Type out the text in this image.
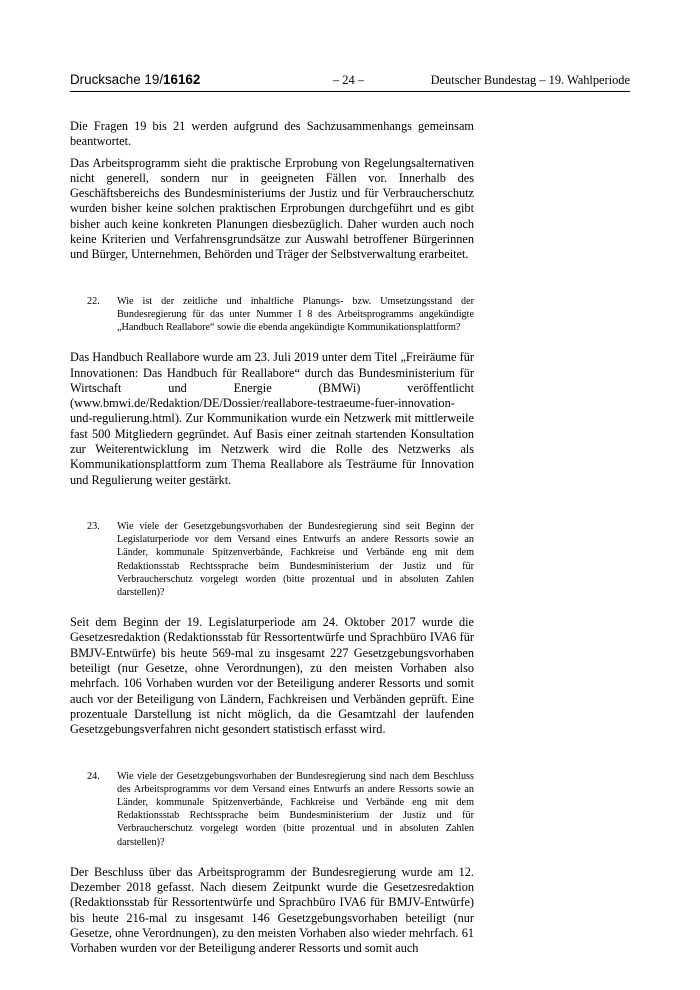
Drucksache 19/16162	– 24 –	Deutscher Bundestag – 19. Wahlperiode

Die Fragen 19 bis 21 werden aufgrund des Sachzusammenhangs gemeinsam beantwortet.

Das Arbeitsprogramm sieht die praktische Erprobung von Regelungsalternativen nicht generell, sondern nur in geeigneten Fällen vor. Innerhalb des Geschäftsbereichs des Bundesministeriums der Justiz und für Verbraucherschutz wurden bisher keine solchen praktischen Erprobungen durchgeführt und es gibt bisher auch keine konkreten Planungen diesbezüglich. Daher wurden auch noch keine Kriterien und Verfahrensgrundsätze zur Auswahl betroffener Bürgerinnen und Bürger, Unternehmen, Behörden und Träger der Selbstverwaltung erarbeitet.

22. Wie ist der zeitliche und inhaltliche Planungs- bzw. Umsetzungsstand der Bundesregierung für das unter Nummer I 8 des Arbeitsprogramms angekündigte „Handbuch Reallabore“ sowie die ebenda angekündigte Kommunikationsplattform?

Das Handbuch Reallabore wurde am 23. Juli 2019 unter dem Titel „Freiräume für Innovationen: Das Handbuch für Reallabore“ durch das Bundesministerium für Wirtschaft und Energie (BMWi) veröffentlicht (www.bmwi.de/Redaktion/DE/Dossier/reallabore-testraeume-fuer-innovation-und-regulierung.html). Zur Kommunikation wurde ein Netzwerk mit mittlerweile fast 500 Mitgliedern gegründet. Auf Basis einer zeitnah startenden Konsultation zur Weiterentwicklung im Netzwerk wird die Rolle des Netzwerks als Kommunikationsplattform zum Thema Reallabore als Testräume für Innovation und Regulierung weiter gestärkt.

23. Wie viele der Gesetzgebungsvorhaben der Bundesregierung sind seit Beginn der Legislaturperiode vor dem Versand eines Entwurfs an andere Ressorts sowie an Länder, kommunale Spitzenverbände, Fachkreise und Verbände eng mit dem Redaktionsstab Rechtssprache beim Bundesministerium der Justiz und für Verbraucherschutz vorgelegt worden (bitte prozentual und in absoluten Zahlen darstellen)?

Seit dem Beginn der 19. Legislaturperiode am 24. Oktober 2017 wurde die Gesetzesredaktion (Redaktionsstab für Ressortentwürfe und Sprachbüro IVA6 für BMJV-Entwürfe) bis heute 569-mal zu insgesamt 227 Gesetzgebungsvorhaben beteiligt (nur Gesetze, ohne Verordnungen), zu den meisten Vorhaben also mehrfach. 106 Vorhaben wurden vor der Beteiligung anderer Ressorts und somit auch vor der Beteiligung von Ländern, Fachkreisen und Verbänden geprüft. Eine prozentuale Darstellung ist nicht möglich, da die Gesamtzahl der laufenden Gesetzgebungsverfahren nicht gesondert statistisch erfasst wird.

24. Wie viele der Gesetzgebungsvorhaben der Bundesregierung sind nach dem Beschluss des Arbeitsprogramms vor dem Versand eines Entwurfs an andere Ressorts sowie an Länder, kommunale Spitzenverbände, Fachkreise und Verbände eng mit dem Redaktionsstab Rechtssprache beim Bundesministerium der Justiz und für Verbraucherschutz vorgelegt worden (bitte prozentual und in absoluten Zahlen darstellen)?

Der Beschluss über das Arbeitsprogramm der Bundesregierung wurde am 12. Dezember 2018 gefasst. Nach diesem Zeitpunkt wurde die Gesetzesredaktion (Redaktionsstab für Ressortentwürfe und Sprachbüro IVA6 für BMJV-Entwürfe) bis heute 216-mal zu insgesamt 146 Gesetzgebungsvorhaben beteiligt (nur Gesetze, ohne Verordnungen), zu den meisten Vorhaben also wieder mehrfach. 61 Vorhaben wurden vor der Beteiligung anderer Ressorts und somit auch
